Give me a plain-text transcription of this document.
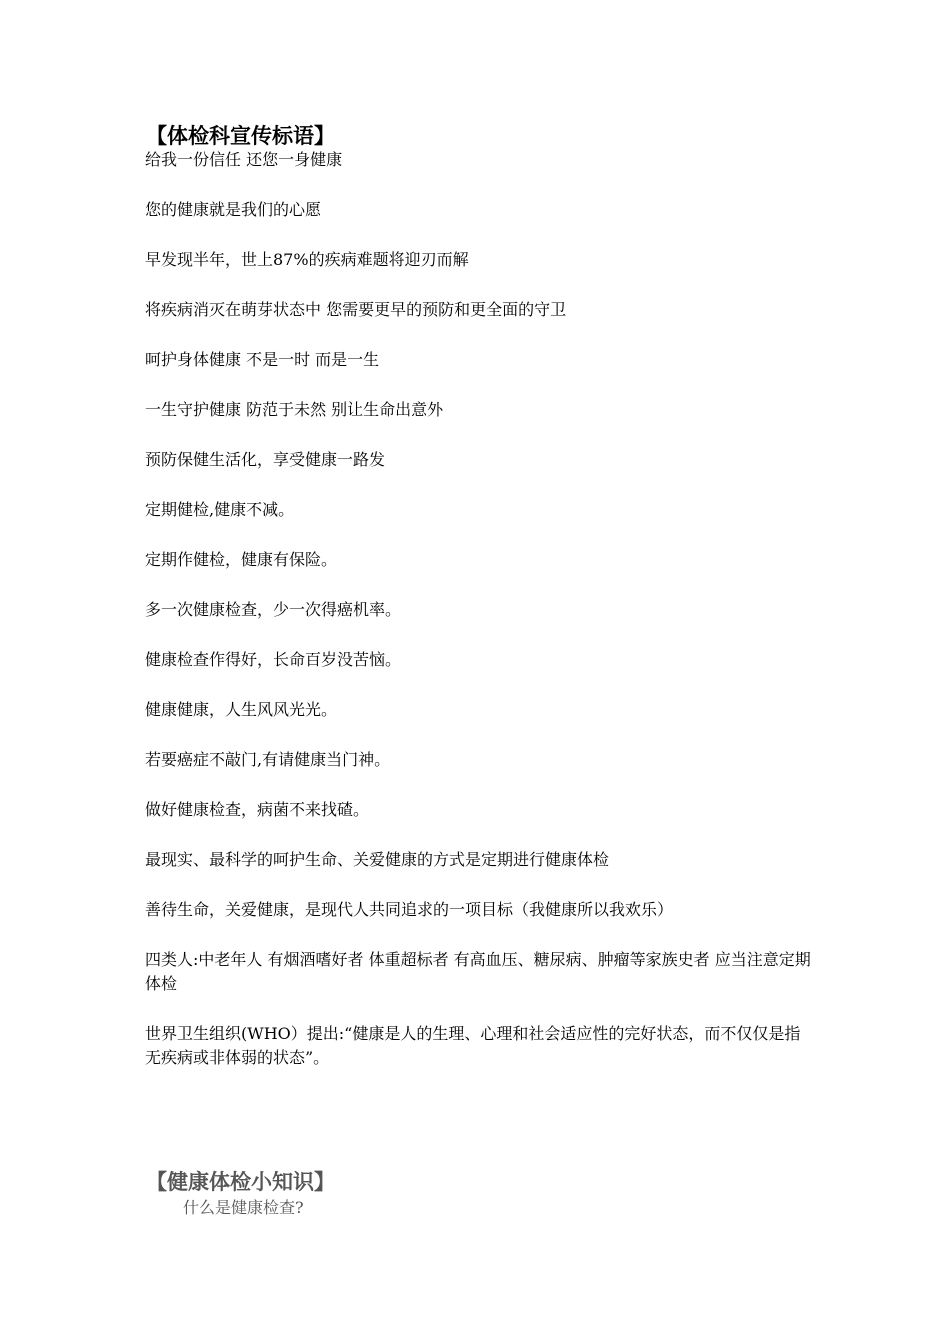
【体检科宣传标语】
给我一份信任 还您一身健康
您的健康就是我们的心愿
早发现半年，世上87%的疾病难题将迎刃而解
将疾病消灭在萌芽状态中 您需要更早的预防和更全面的守卫
呵护身体健康 不是一时 而是一生
一生守护健康 防范于未然 别让生命出意外
预防保健生活化，享受健康一路发
定期健检,健康不减。
定期作健检，健康有保险。
多一次健康检查，少一次得癌机率。
健康检查作得好，长命百岁没苦恼。
健康健康，人生风风光光。
若要癌症不敲门,有请健康当门神。
做好健康检查，病菌不来找碴。
最现实、最科学的呵护生命、关爱健康的方式是定期进行健康体检
善待生命，关爱健康，是现代人共同追求的一项目标（我健康所以我欢乐）
四类人:中老年人 有烟酒嗜好者 体重超标者 有高血压、糖尿病、肿瘤等家族史者 应当注意定期体检
世界卫生组织(WHO）提出:“健康是人的生理、心理和社会适应性的完好状态，而不仅仅是指无疾病或非体弱的状态”。
【健康体检小知识】
什么是健康检查?
